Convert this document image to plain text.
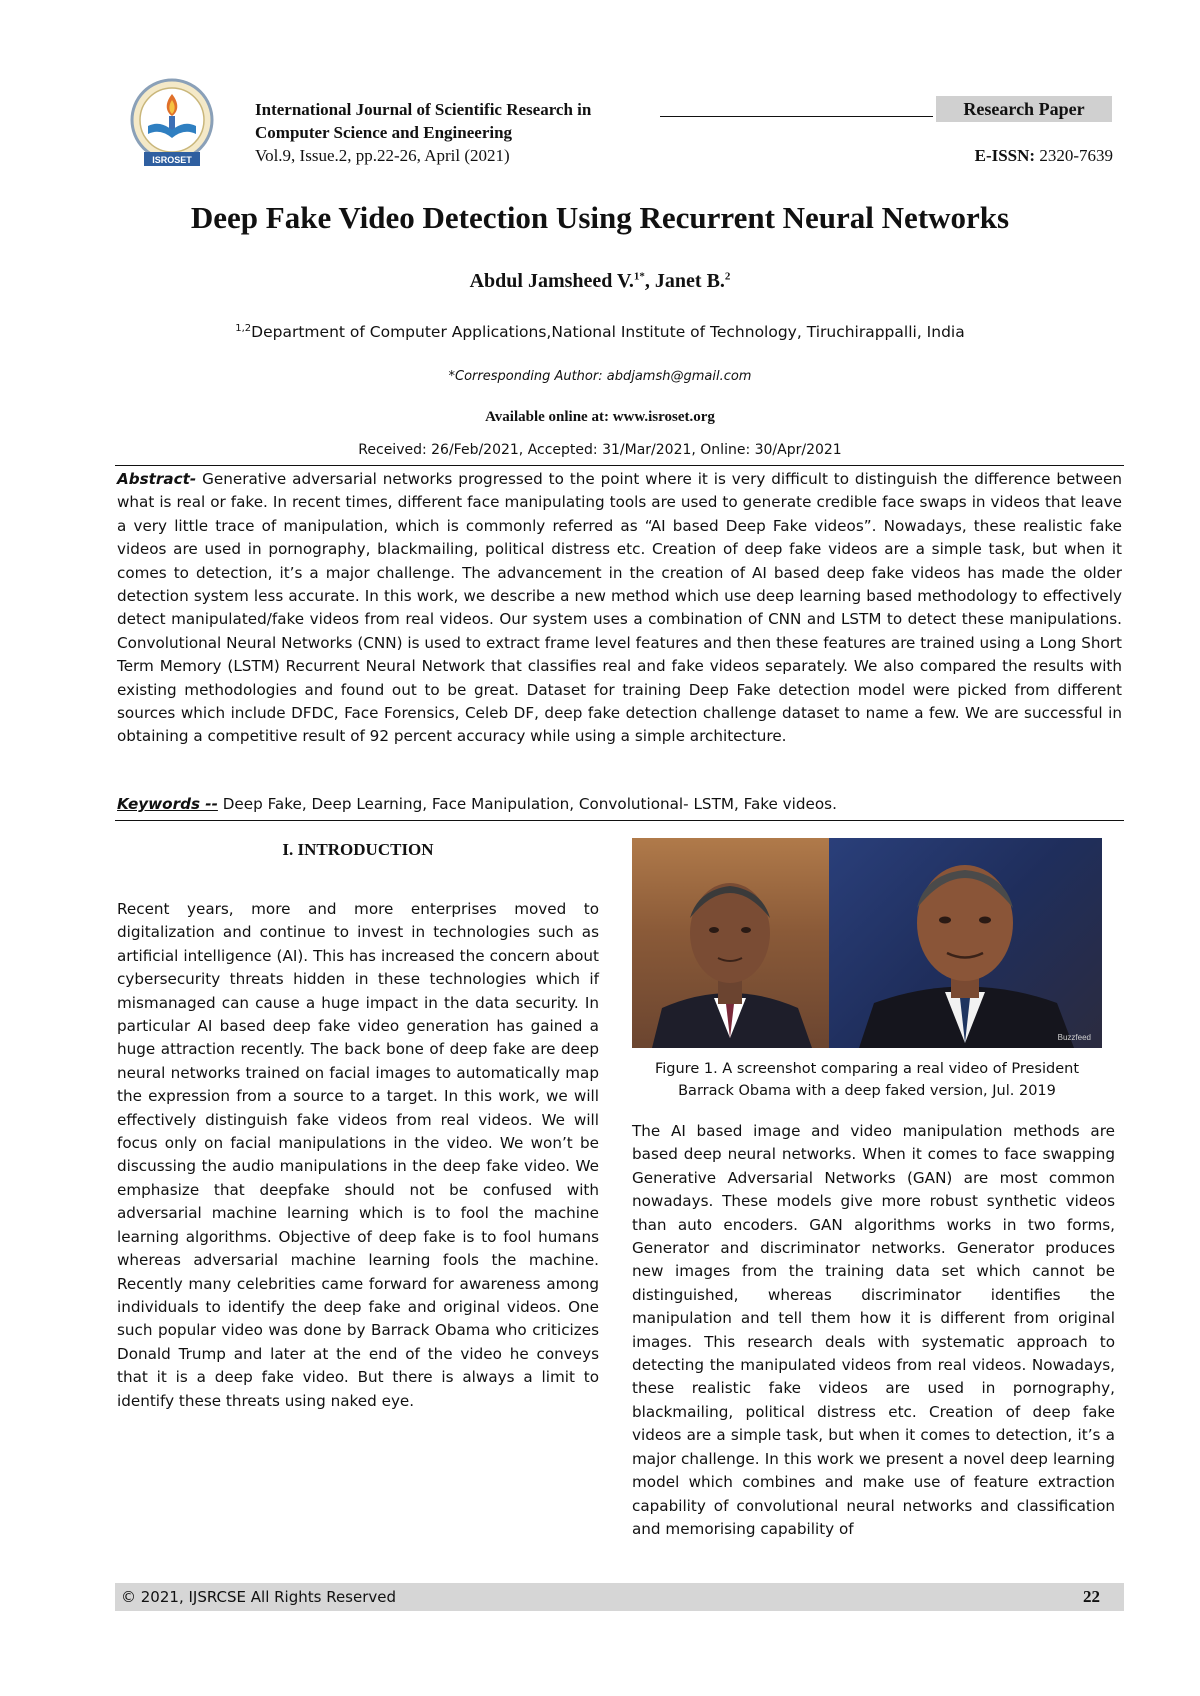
ISROSET
International Journal of Scientific Research in
Computer Science and Engineering
Vol.9, Issue.2, pp.22-26, April (2021)
Research Paper
E-ISSN: 2320-7639
Deep Fake Video Detection Using Recurrent Neural Networks
Abdul Jamsheed V.$^{1*}$, Janet B.$^2$
$^{1,2}$Department of Computer Applications,National Institute of Technology, Tiruchirappalli, India
*Corresponding Author: abdjamsh@gmail.com
Available online at: www.isroset.org
Received: 26/Feb/2021, Accepted: 31/Mar/2021, Online: 30/Apr/2021
Abstract- Generative adversarial networks progressed to the point where it is very difficult to distinguish the difference between what is real or fake. In recent times, different face manipulating tools are used to generate credible face swaps in videos that leave a very little trace of manipulation, which is commonly referred as “AI based Deep Fake videos”. Nowadays, these realistic fake videos are used in pornography, blackmailing, political distress etc. Creation of deep fake videos are a simple task, but when it comes to detection, it’s a major challenge. The advancement in the creation of AI based deep fake videos has made the older detection system less accurate. In this work, we describe a new method which use deep learning based methodology to effectively detect manipulated/fake videos from real videos. Our system uses a combination of CNN and LSTM to detect these manipulations. Convolutional Neural Networks (CNN) is used to extract frame level features and then these features are trained using a Long Short Term Memory (LSTM) Recurrent Neural Network that classifies real and fake videos separately. We also compared the results with existing methodologies and found out to be great. Dataset for training Deep Fake detection model were picked from different sources which include DFDC, Face Forensics, Celeb DF, deep fake detection challenge dataset to name a few. We are successful in obtaining a competitive result of 92 percent accuracy while using a simple architecture.
Keywords -- Deep Fake, Deep Learning, Face Manipulation, Convolutional- LSTM, Fake videos.
I. INTRODUCTION
Recent years, more and more enterprises moved to digitalization and continue to invest in technologies such as artificial intelligence (AI). This has increased the concern about cybersecurity threats hidden in these technologies which if mismanaged can cause a huge impact in the data security. In particular AI based deep fake video generation has gained a huge attraction recently. The back bone of deep fake are deep neural networks trained on facial images to automatically map the expression from a source to a target. In this work, we will effectively distinguish fake videos from real videos. We will focus only on facial manipulations in the video. We won’t be discussing the audio manipulations in the deep fake video. We emphasize that deepfake should not be confused with adversarial machine learning which is to fool the machine learning algorithms. Objective of deep fake is to fool humans whereas adversarial machine learning fools the machine. Recently many celebrities came forward for awareness among individuals to identify the deep fake and original videos. One such popular video was done by Barrack Obama who criticizes Donald Trump and later at the end of the video he conveys that it is a deep fake video. But there is always a limit to identify these threats using naked eye.
Buzzfeed
Figure 1. A screenshot comparing a real video of President Barrack Obama with a deep faked version, Jul. 2019
The AI based image and video manipulation methods are based deep neural networks. When it comes to face swapping Generative Adversarial Networks (GAN) are most common nowadays. These models give more robust synthetic videos than auto encoders. GAN algorithms works in two forms, Generator and discriminator networks. Generator produces new images from the training data set which cannot be distinguished, whereas discriminator identifies the manipulation and tell them how it is different from original images. This research deals with systematic approach to detecting the manipulated videos from real videos. Nowadays, these realistic fake videos are used in pornography, blackmailing, political distress etc. Creation of deep fake videos are a simple task, but when it comes to detection, it’s a major challenge. In this work we present a novel deep learning model which combines and make use of feature extraction capability of convolutional neural networks and classification and memorising capability of
© 2021, IJSRCSE All Rights Reserved	22
